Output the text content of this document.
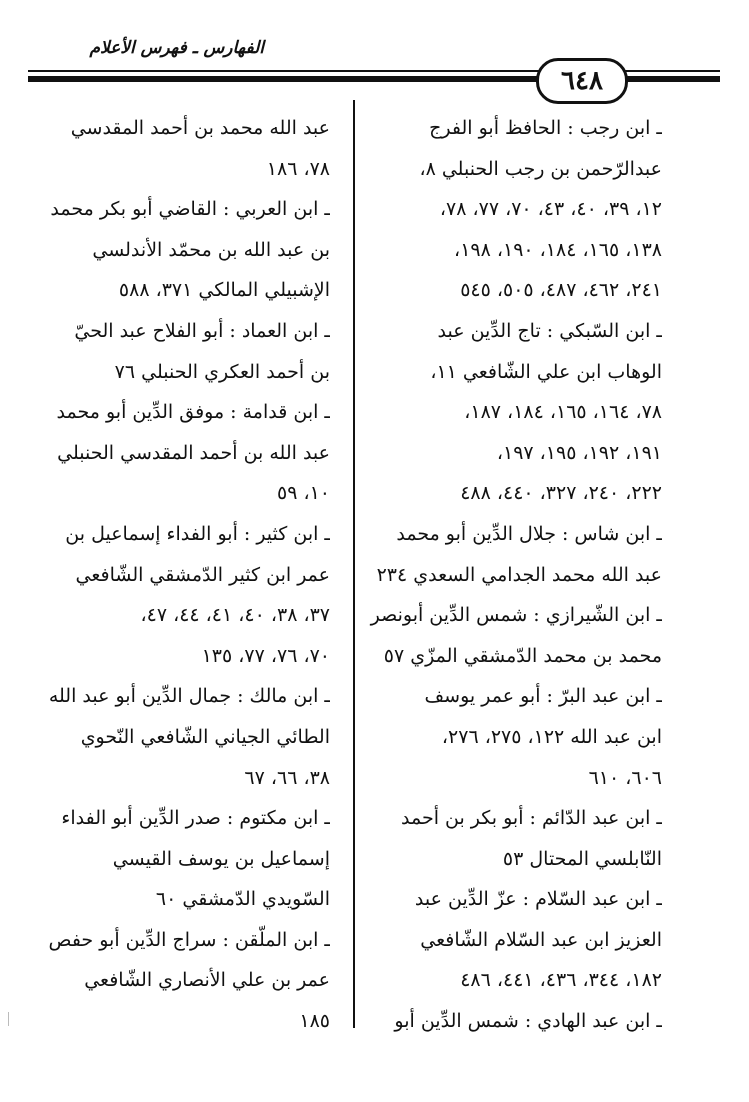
الفهارس ـ فهرس الأعلام
٦٤٨
ـ ابن رجب : الحافظ أبو الفرج
عبدالرّحمن بن رجب الحنبلي ٨،
١٢، ٣٩، ٤٠، ٤٣، ٧٠، ٧٧، ٧٨،
١٣٨، ١٦٥، ١٨٤، ١٩٠، ١٩٨،
٢٤١، ٤٦٢، ٤٨٧، ٥٠٥، ٥٤٥
ـ ابن السّبكي : تاج الدِّين عبد
الوهاب ابن علي الشّافعي ١١،
٧٨، ١٦٤، ١٦٥، ١٨٤، ١٨٧،
١٩١، ١٩٢، ١٩٥، ١٩٧،
٢٢٢، ٢٤٠، ٣٢٧، ٤٤٠، ٤٨٨
ـ ابن شاس : جلال الدِّين أبو محمد
عبد الله محمد الجدامي السعدي ٢٣٤
ـ ابن الشّيرازي : شمس الدِّين أبونصر
محمد بن محمد الدّمشقي المزّي ٥٧
ـ ابن عبد البرّ : أبو عمر يوسف
ابن عبد الله ١٢٢، ٢٧٥، ٢٧٦،
٦٠٦، ٦١٠
ـ ابن عبد الدّائم : أبو بكر بن أحمد
النّابلسي المحتال ٥٣
ـ ابن عبد السّلام : عزّ الدِّين عبد
العزيز ابن عبد السّلام الشّافعي
١٨٢، ٣٤٤، ٤٣٦، ٤٤١، ٤٨٦
ـ ابن عبد الهادي : شمس الدِّين أبو
عبد الله محمد بن أحمد المقدسي
٧٨، ١٨٦
ـ ابن العربي : القاضي أبو بكر محمد
بن عبد الله بن محمّد الأندلسي
الإشبيلي المالكي ٣٧١، ٥٨٨
ـ ابن العماد : أبو الفلاح عبد الحيّ
بن أحمد العكري الحنبلي ٧٦
ـ ابن قدامة : موفق الدِّين أبو محمد
عبد الله بن أحمد المقدسي الحنبلي
١٠، ٥٩
ـ ابن كثير : أبو الفداء إسماعيل بن
عمر ابن كثير الدّمشقي الشّافعي
٣٧، ٣٨، ٤٠، ٤١، ٤٤، ٤٧،
٧٠، ٧٦، ٧٧، ١٣٥
ـ ابن مالك : جمال الدِّين أبو عبد الله
الطائي الجياني الشّافعي النّحوي
٣٨، ٦٦، ٦٧
ـ ابن مكتوم : صدر الدِّين أبو الفداء
إسماعيل بن يوسف القيسي
السّويدي الدّمشقي ٦٠
ـ ابن الملّقن : سراج الدِّين أبو حفص
عمر بن علي الأنصاري الشّافعي
١٨٥
